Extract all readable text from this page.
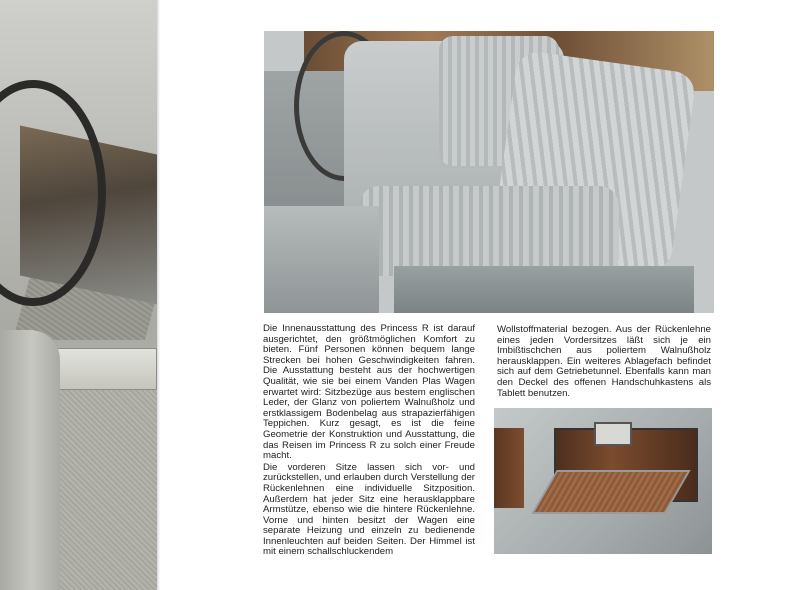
Die Innenausstattung des Princess R ist darauf ausgerichtet, den größtmöglichen Komfort zu bieten. Fünf Personen können bequem lange Strecken bei hohen Geschwindigkeiten fahren. Die Ausstattung besteht aus der hochwertigen Qualität, wie sie bei einem Vanden Plas Wagen erwartet wird: Sitzbezüge aus bestem englischen Leder, der Glanz von poliertem Walnußholz und erstklassigem Bodenbelag aus strapazierfähigen Teppichen. Kurz gesagt, es ist die feine Geometrie der Konstruktion und Ausstattung, die das Reisen im Princess R zu solch einer Freude macht.

Die vorderen Sitze lassen sich vor- und zurückstellen, und erlauben durch Verstellung der Rückenlehnen eine individuelle Sitzposition. Außerdem hat jeder Sitz eine herausklappbare Armstütze, ebenso wie die hintere Rückenlehne. Vorne und hinten besitzt der Wagen eine separate Heizung und einzeln zu bedienende Innenleuchten auf beiden Seiten. Der Himmel ist mit einem schallschluckendem

Wollstoffmaterial bezogen. Aus der Rückenlehne eines jeden Vordersitzes läßt sich je ein Imbißtischchen aus poliertem Walnußholz herausklappen. Ein weiteres Ablagefach befindet sich auf dem Getriebetunnel. Ebenfalls kann man den Deckel des offenen Handschuhkastens als Tablett benutzen.
